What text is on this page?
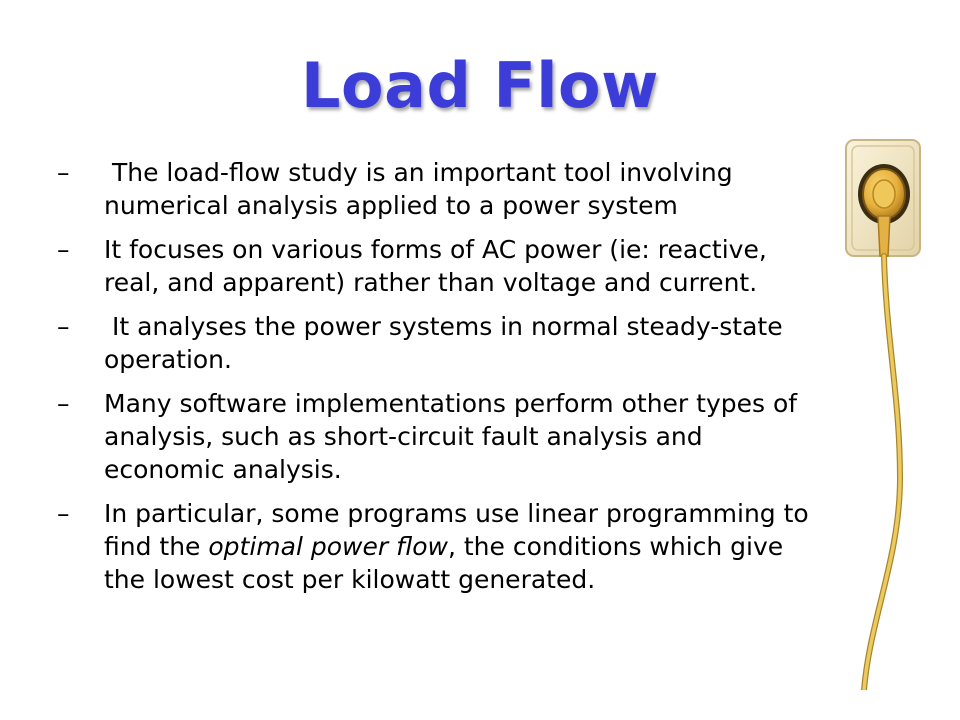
Load Flow
–	The load-flow study is an important tool involving numerical analysis applied to a power system
–	It focuses on various forms of AC power (ie: reactive, real, and apparent) rather than voltage and current.
–	It analyses the power systems in normal steady-state operation.
–	Many software implementations perform other types of analysis, such as short-circuit fault analysis and economic analysis.
–	In particular, some programs use linear programming to find the optimal power flow, the conditions which give the lowest cost per kilowatt generated.
